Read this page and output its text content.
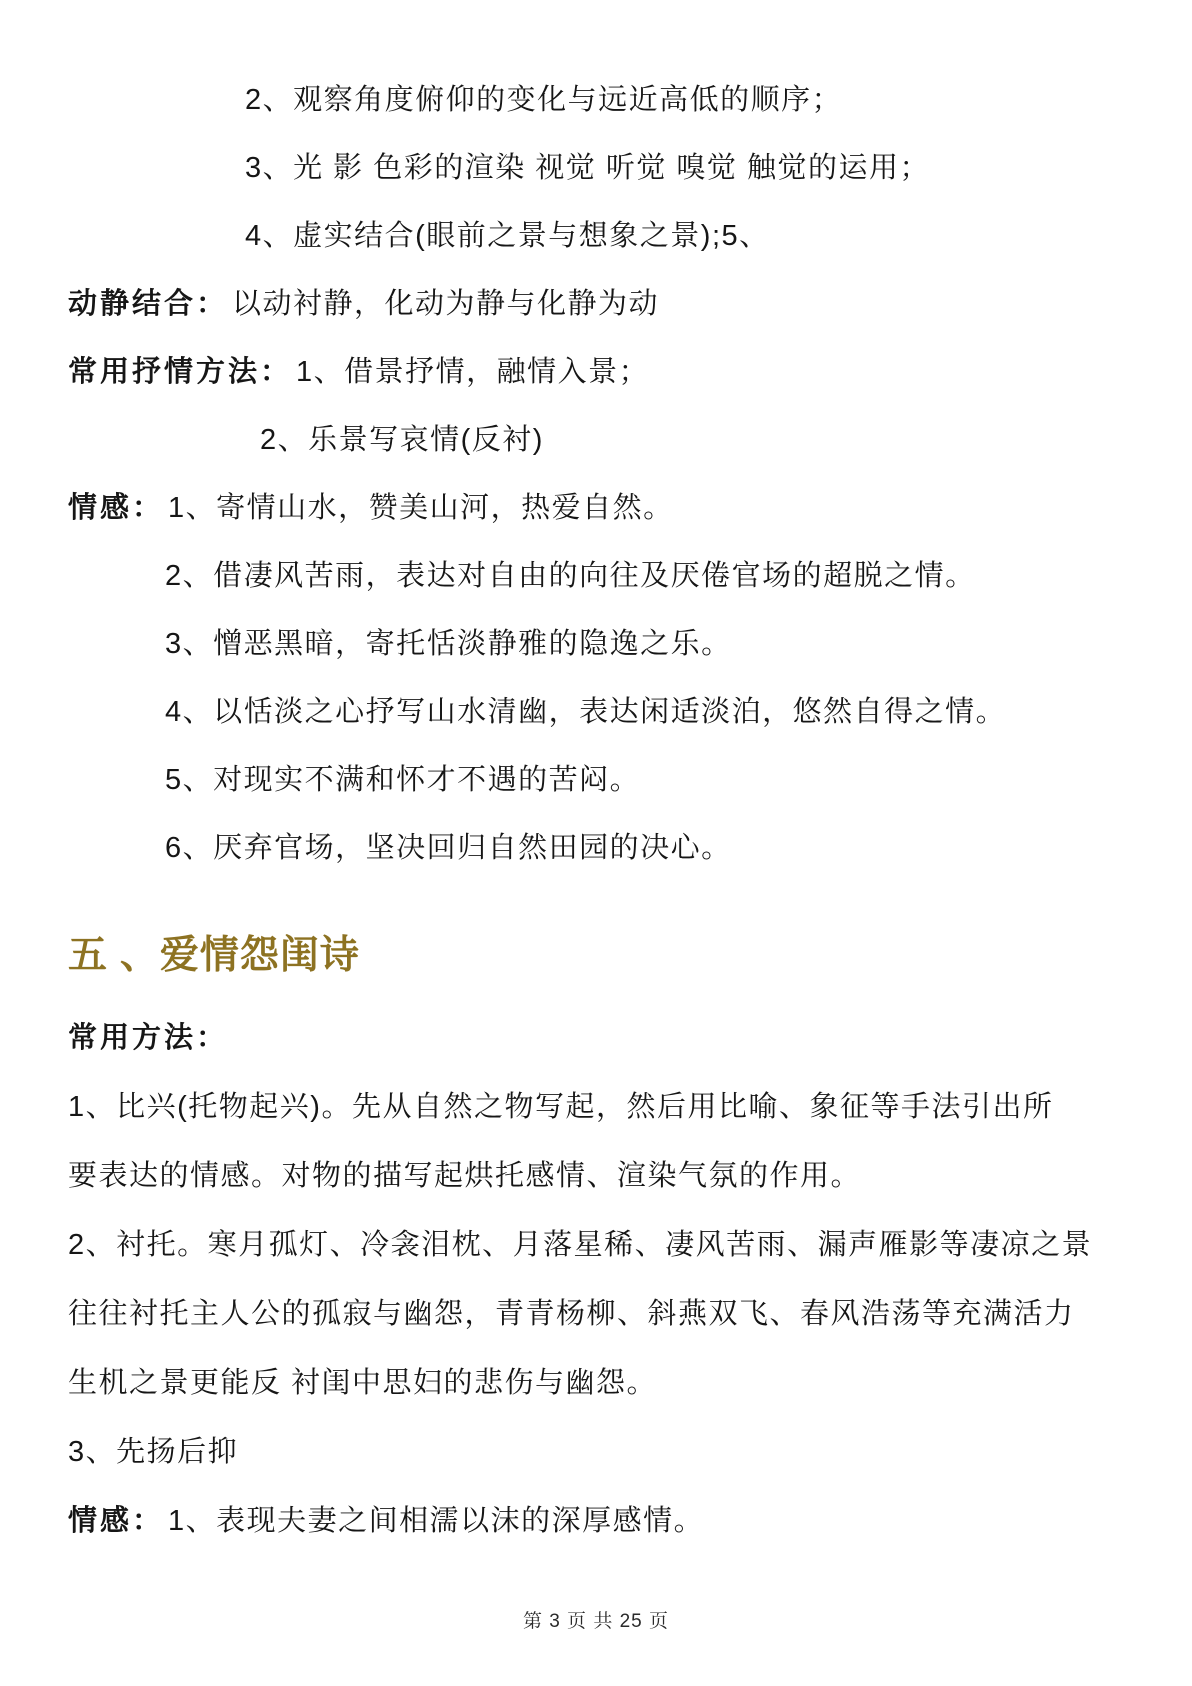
2、观察角度俯仰的变化与远近高低的顺序；

3、光 影 色彩的渲染 视觉 听觉 嗅觉 触觉的运用；

4、虚实结合(眼前之景与想象之景);5、

动静结合： 以动衬静，化动为静与化静为动

常用抒情方法： 1、借景抒情，融情入景；

2、乐景写哀情(反衬)

情感： 1、寄情山水，赞美山河，热爱自然。

2、借凄风苦雨，表达对自由的向往及厌倦官场的超脱之情。

3、憎恶黑暗，寄托恬淡静雅的隐逸之乐。

4、以恬淡之心抒写山水清幽，表达闲适淡泊，悠然自得之情。

5、对现实不满和怀才不遇的苦闷。

6、厌弃官场，坚决回归自然田园的决心。

五 、爱情怨闺诗

常用方法：

1、比兴(托物起兴)。先从自然之物写起，然后用比喻、象征等手法引出所

要表达的情感。对物的描写起烘托感情、渲染气氛的作用。

2、衬托。寒月孤灯、冷衾泪枕、月落星稀、凄风苦雨、漏声雁影等凄凉之景

往往衬托主人公的孤寂与幽怨，青青杨柳、斜燕双飞、春风浩荡等充满活力

生机之景更能反 衬闺中思妇的悲伤与幽怨。

3、先扬后抑

情感： 1、表现夫妻之间相濡以沫的深厚感情。

第 3 页 共 25 页
